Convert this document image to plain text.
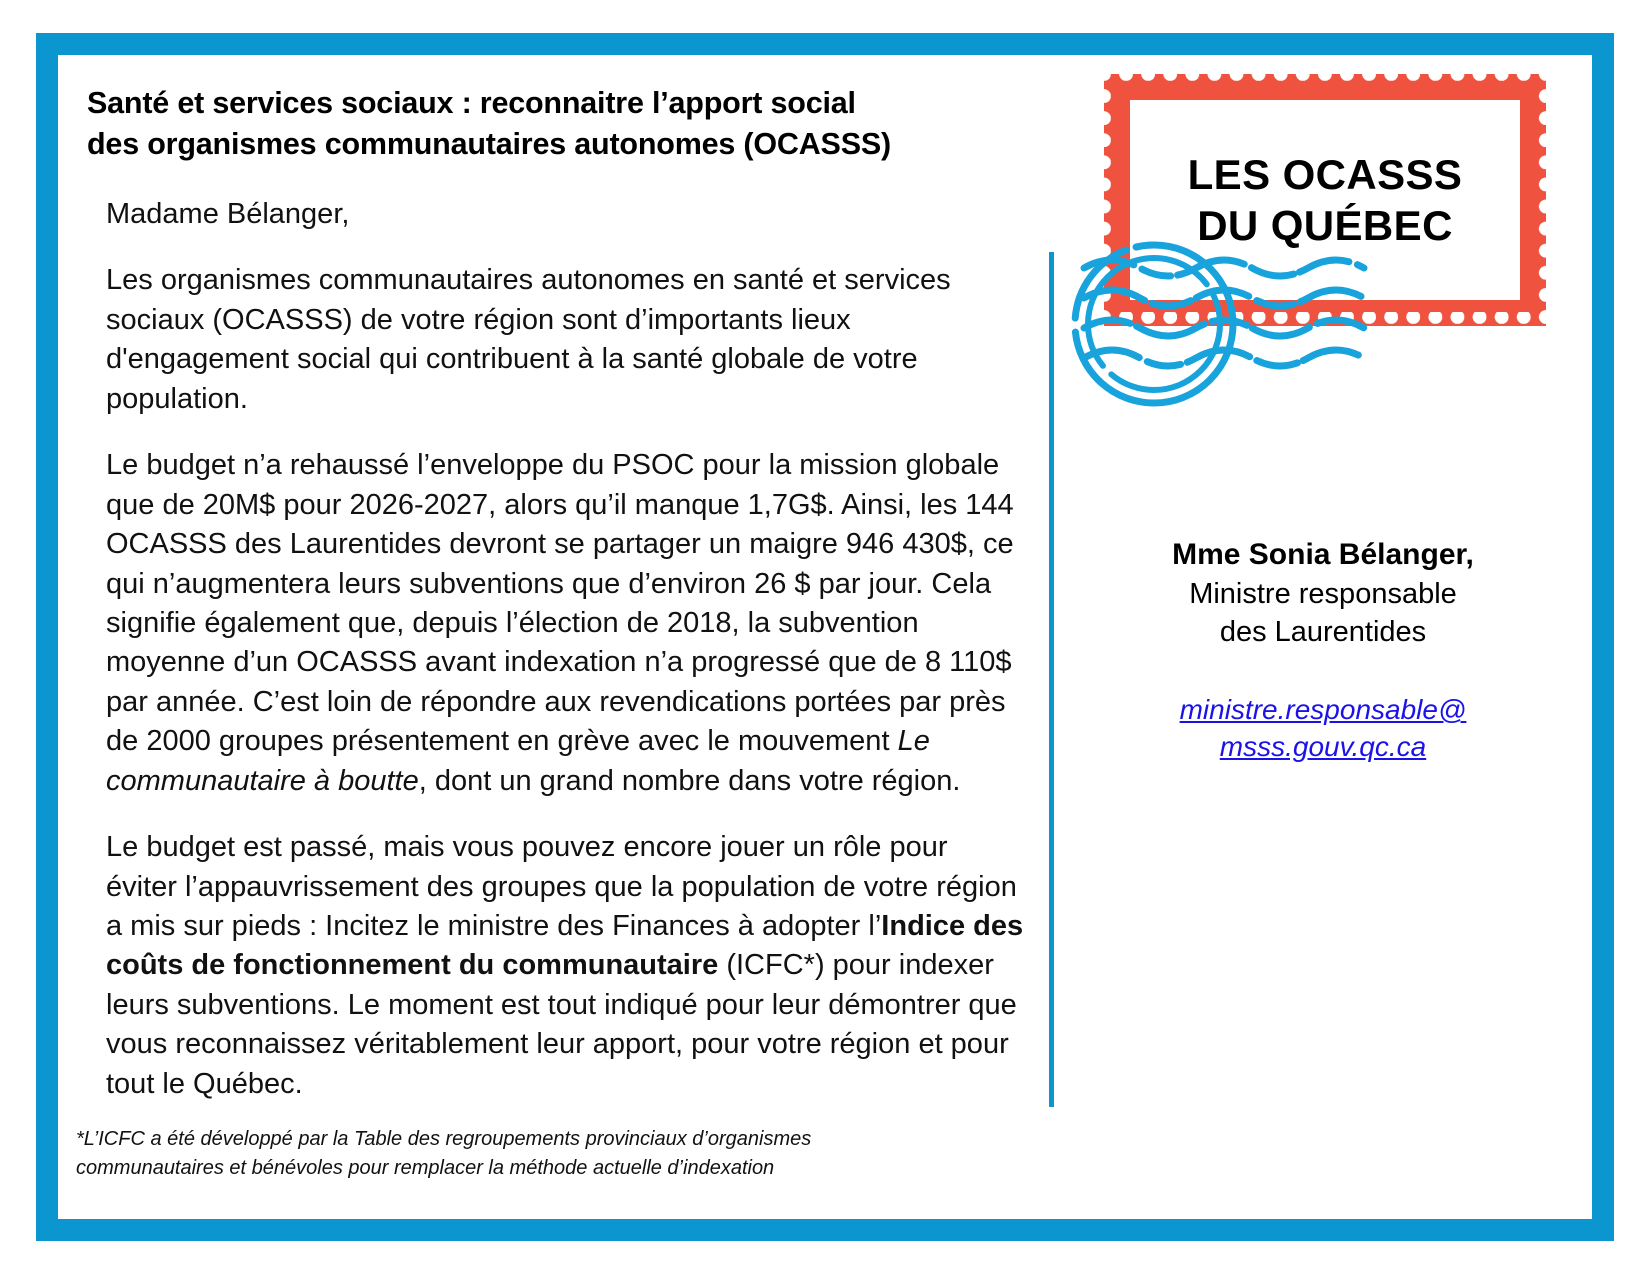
Santé et services sociaux : reconnaitre l’apport social
des organismes communautaires autonomes (OCASSS)

Madame Bélanger,

Les organismes communautaires autonomes en santé et services sociaux (OCASSS) de votre région sont d’importants lieux d'engagement social qui contribuent à la santé globale de votre population.

Le budget n’a rehaussé l’enveloppe du PSOC pour la mission globale que de 20M$ pour 2026-2027, alors qu’il manque 1,7G$. Ainsi, les 144 OCASSS des Laurentides devront se partager un maigre 946 430$, ce qui n’augmentera leurs subventions que d’environ 26 $ par jour. Cela signifie également que, depuis l’élection de 2018, la subvention moyenne d’un OCASSS avant indexation n’a progressé que de 8 110$ par année. C’est loin de répondre aux revendications portées par près de 2000 groupes présentement en grève avec le mouvement Le communautaire à boutte, dont un grand nombre dans votre région.

Le budget est passé, mais vous pouvez encore jouer un rôle pour éviter l’appauvrissement des groupes que la population de votre région a mis sur pieds : Incitez le ministre des Finances à adopter l’Indice des coûts de fonctionnement du communautaire (ICFC*) pour indexer leurs subventions. Le moment est tout indiqué pour leur démontrer que vous reconnaissez véritablement leur apport, pour votre région et pour tout le Québec.

*L’ICFC a été développé par la Table des regroupements provinciaux d’organismes
communautaires et bénévoles pour remplacer la méthode actuelle d’indexation
LES OCASSS
DU QUÉBEC
Mme Sonia Bélanger,
Ministre responsable
des Laurentides
ministre.responsable@
msss.gouv.qc.ca
